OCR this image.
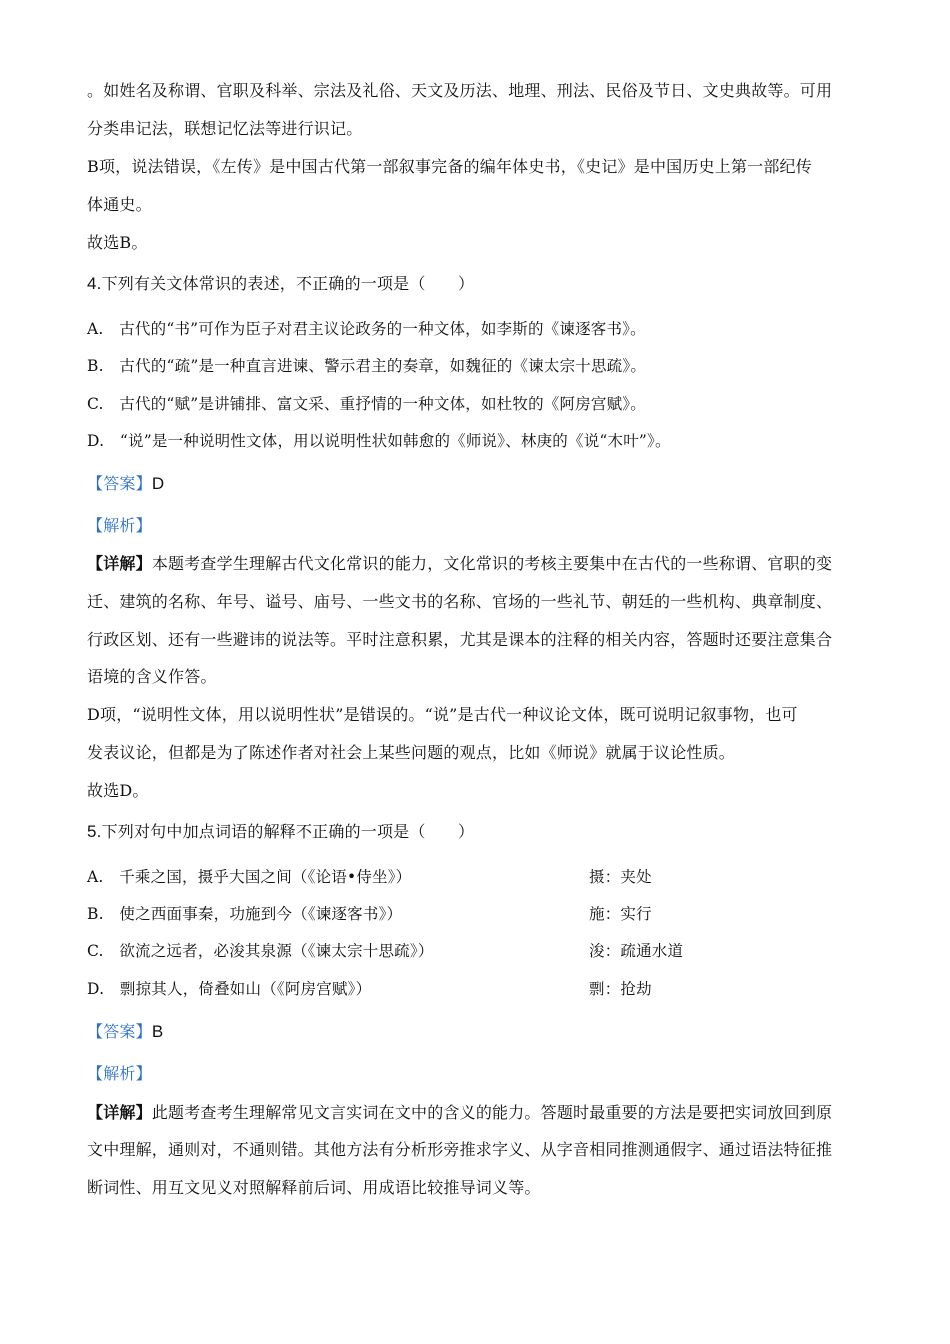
。如姓名及称谓、官职及科举、宗法及礼俗、天文及历法、地理、刑法、民俗及节日、文史典故等。可用
分类串记法，联想记忆法等进行识记。
B项，说法错误，《左传》是中国古代第一部叙事完备的编年体史书，《史记》是中国历史上第一部纪传
体通史。
故选B。
4.下列有关文体常识的表述，不正确的一项是（　　）
A.　古代的“书”可作为臣子对君主议论政务的一种文体，如李斯的《谏逐客书》。
B.　古代的“疏”是一种直言进谏、警示君主的奏章，如魏征的《谏太宗十思疏》。
C.　古代的“赋”是讲铺排、富文采、重抒情的一种文体，如杜牧的《阿房宫赋》。
D.　“说”是一种说明性文体，用以说明性状如韩愈的《师说》、林庚的《说“木叶”》。
【答案】D
【解析】
【详解】本题考查学生理解古代文化常识的能力，文化常识的考核主要集中在古代的一些称谓、官职的变
迁、建筑的名称、年号、谥号、庙号、一些文书的名称、官场的一些礼节、朝廷的一些机构、典章制度、
行政区划、还有一些避讳的说法等。平时注意积累，尤其是课本的注释的相关内容，答题时还要注意集合
语境的含义作答。
D项，“说明性文体，用以说明性状”是错误的。“说”是古代一种议论文体，既可说明记叙事物，也可
发表议论，但都是为了陈述作者对社会上某些问题的观点，比如《师说》就属于议论性质。
故选D。
5.下列对句中加点词语的解释不正确的一项是（　　）
A.　千乘之国，摄乎大国之间（《论语•侍坐》）	摄：夹处
B.　使之西面事秦，功施到今（《谏逐客书》）	施：实行
C.　欲流之远者，必浚其泉源（《谏太宗十思疏》）	浚：疏通水道
D.　剽掠其人，倚叠如山（《阿房宫赋》）	剽：抢劫
【答案】B
【解析】
【详解】此题考查考生理解常见文言实词在文中的含义的能力。答题时最重要的方法是要把实词放回到原
文中理解，通则对，不通则错。其他方法有分析形旁推求字义、从字音相同推测通假字、通过语法特征推
断词性、用互文见义对照解释前后词、用成语比较推导词义等。
